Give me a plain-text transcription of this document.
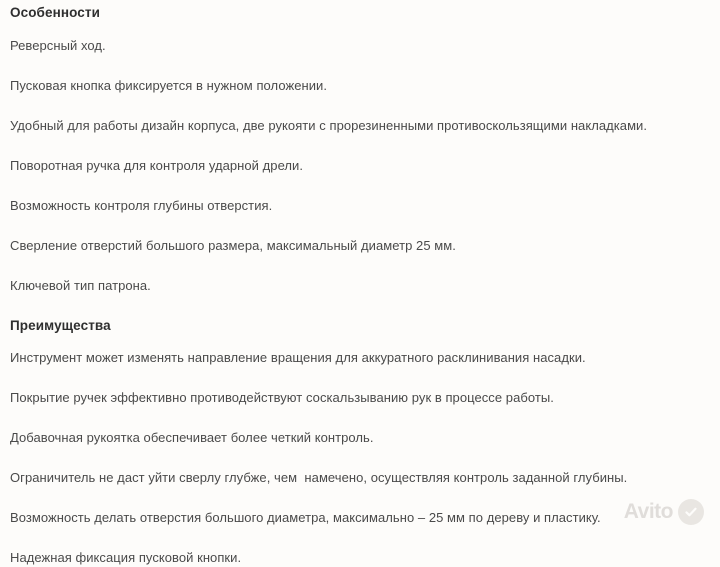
Особенности
Реверсный ход.
Пусковая кнопка фиксируется в нужном положении.
Удобный для работы дизайн корпуса, две рукояти с прорезиненными противоскользящими накладками.
Поворотная ручка для контроля ударной дрели.
Возможность контроля глубины отверстия.
Сверление отверстий большого размера, максимальный диаметр 25 мм.
Ключевой тип патрона.
Преимущества
Инструмент может изменять направление вращения для аккуратного расклинивания насадки.
Покрытие ручек эффективно противодействуют соскальзыванию рук в процессе работы.
Добавочная рукоятка обеспечивает более четкий контроль.
Ограничитель не даст уйти сверлу глубже, чем  намечено, осуществляя контроль заданной глубины.
Возможность делать отверстия большого диаметра, максимально – 25 мм по дереву и пластику.
Надежная фиксация пусковой кнопки.
Avito
